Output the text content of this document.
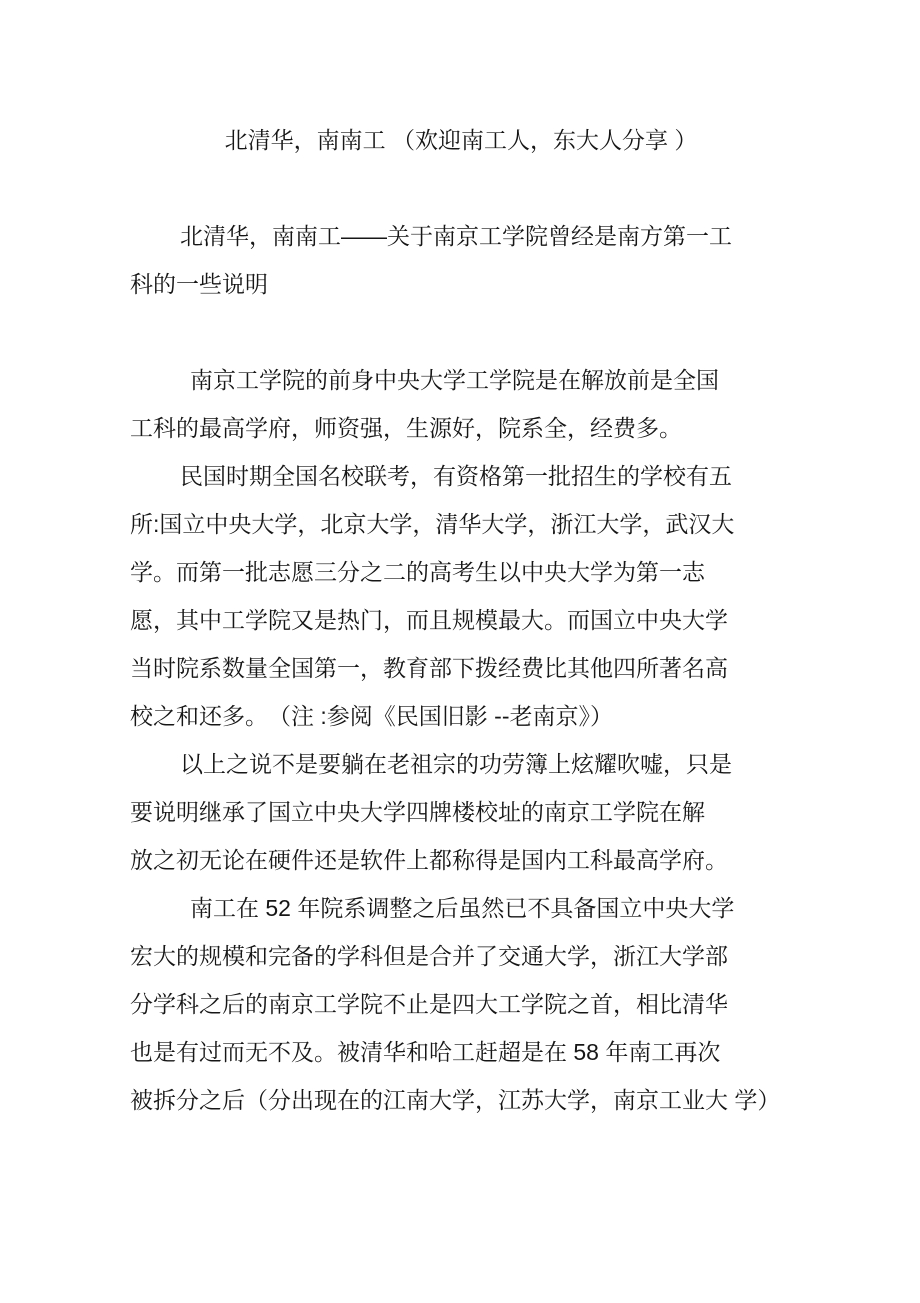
北清华，南南工 （欢迎南工人，东大人分享 ）
北清华，南南工——关于南京工学院曾经是南方第一工
科的一些说明
南京工学院的前身中央大学工学院是在解放前是全国
工科的最高学府，师资强，生源好，院系全，经费多。
民国时期全国名校联考，有资格第一批招生的学校有五
所:国立中央大学，北京大学，清华大学，浙江大学，武汉大
学。而第一批志愿三分之二的高考生以中央大学为第一志
愿，其中工学院又是热门，而且规模最大。而国立中央大学
当时院系数量全国第一，教育部下拨经费比其他四所著名高
校之和还多。　（注 :参阅《民国旧影 --老南京》）
以上之说不是要躺在老祖宗的功劳簿上炫耀吹嘘，只是
要说明继承了国立中央大学四牌楼校址的南京工学院在解
放之初无论在硬件还是软件上都称得是国内工科最高学府。
南工在 52 年院系调整之后虽然已不具备国立中央大学
宏大的规模和完备的学科但是合并了交通大学，浙江大学部
分学科之后的南京工学院不止是四大工学院之首，相比清华
也是有过而无不及。被清华和哈工赶超是在 58 年南工再次
被拆分之后（分出现在的江南大学，江苏大学，南京工业大 学）
